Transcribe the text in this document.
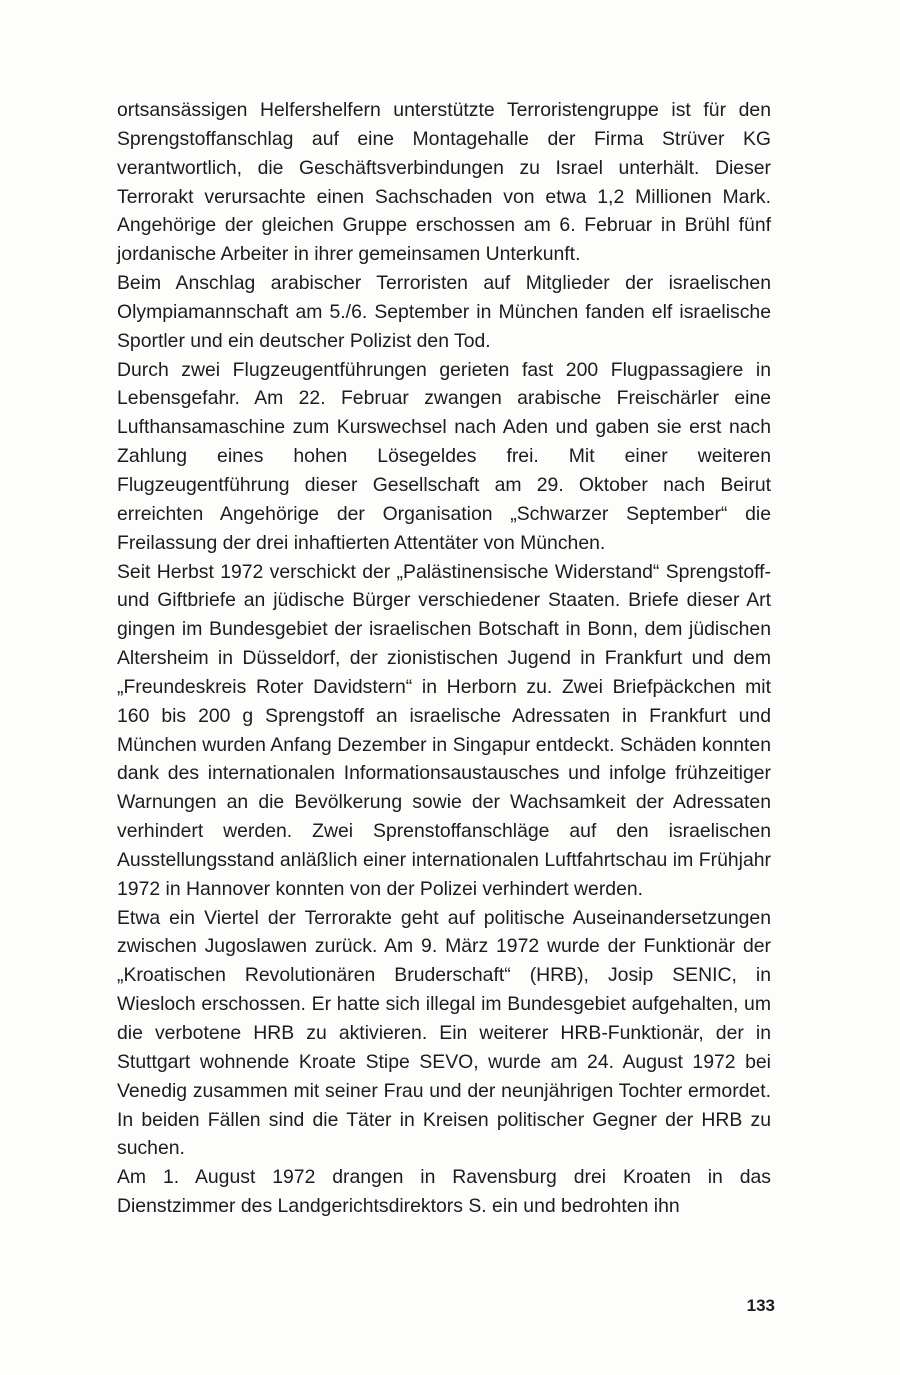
ortsansässigen Helfershelfern unterstützte Terroristengruppe ist für den Sprengstoffanschlag auf eine Montagehalle der Firma Strüver KG verantwortlich, die Geschäftsverbindungen zu Israel unterhält. Dieser Terrorakt verursachte einen Sachschaden von etwa 1,2 Millionen Mark. Angehörige der gleichen Gruppe erschossen am 6. Februar in Brühl fünf jordanische Arbeiter in ihrer gemeinsamen Unterkunft.

Beim Anschlag arabischer Terroristen auf Mitglieder der israelischen Olympiamannschaft am 5./6. September in München fanden elf israelische Sportler und ein deutscher Polizist den Tod.

Durch zwei Flugzeugentführungen gerieten fast 200 Flugpassagiere in Lebensgefahr. Am 22. Februar zwangen arabische Freischärler eine Lufthansamaschine zum Kurswechsel nach Aden und gaben sie erst nach Zahlung eines hohen Lösegeldes frei. Mit einer weiteren Flugzeugentführung dieser Gesellschaft am 29. Oktober nach Beirut erreichten Angehörige der Organisation „Schwarzer September“ die Freilassung der drei inhaftierten Attentäter von München.

Seit Herbst 1972 verschickt der „Palästinensische Widerstand“ Sprengstoff- und Giftbriefe an jüdische Bürger verschiedener Staaten. Briefe dieser Art gingen im Bundesgebiet der israelischen Botschaft in Bonn, dem jüdischen Altersheim in Düsseldorf, der zionistischen Jugend in Frankfurt und dem „Freundeskreis Roter Davidstern“ in Herborn zu. Zwei Briefpäckchen mit 160 bis 200 g Sprengstoff an israelische Adressaten in Frankfurt und München wurden Anfang Dezember in Singapur entdeckt. Schäden konnten dank des internationalen Informationsaustausches und infolge frühzeitiger Warnungen an die Bevölkerung sowie der Wachsamkeit der Adressaten verhindert werden. Zwei Sprenstoffanschläge auf den israelischen Ausstellungsstand anläßlich einer internationalen Luftfahrtschau im Frühjahr 1972 in Hannover konnten von der Polizei verhindert werden.

Etwa ein Viertel der Terrorakte geht auf politische Auseinandersetzungen zwischen Jugoslawen zurück. Am 9. März 1972 wurde der Funktionär der „Kroatischen Revolutionären Bruderschaft“ (HRB), Josip SENIC, in Wiesloch erschossen. Er hatte sich illegal im Bundesgebiet aufgehalten, um die verbotene HRB zu aktivieren. Ein weiterer HRB-Funktionär, der in Stuttgart wohnende Kroate Stipe SEVO, wurde am 24. August 1972 bei Venedig zusammen mit seiner Frau und der neunjährigen Tochter ermordet. In beiden Fällen sind die Täter in Kreisen politischer Gegner der HRB zu suchen.

Am 1. August 1972 drangen in Ravensburg drei Kroaten in das Dienstzimmer des Landgerichtsdirektors S. ein und bedrohten ihn

133
